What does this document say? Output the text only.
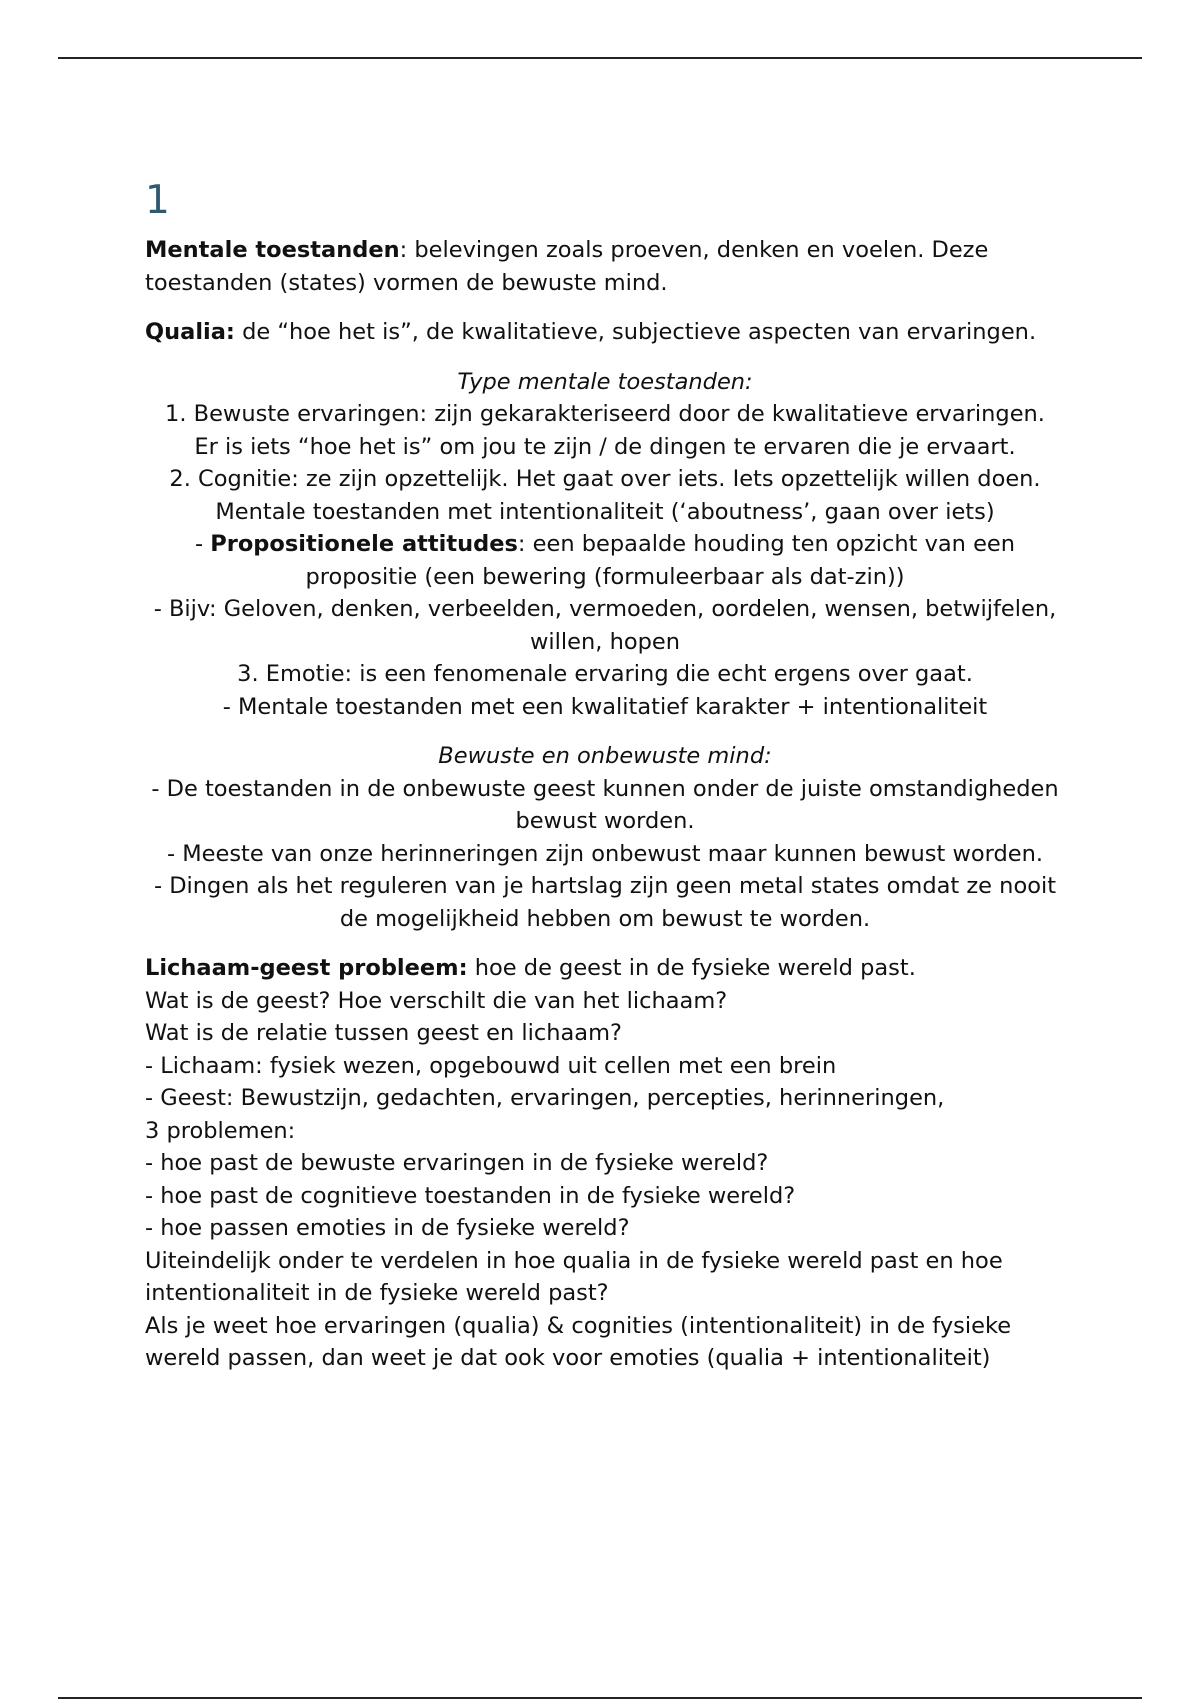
1

Mentale toestanden: belevingen zoals proeven, denken en voelen. Deze toestanden (states) vormen de bewuste mind.

Qualia: de “hoe het is”, de kwalitatieve, subjectieve aspecten van ervaringen.

Type mentale toestanden:

1. Bewuste ervaringen: zijn gekarakteriseerd door de kwalitatieve ervaringen.

Er is iets “hoe het is” om jou te zijn / de dingen te ervaren die je ervaart.

2. Cognitie: ze zijn opzettelijk. Het gaat over iets. Iets opzettelijk willen doen.

Mentale toestanden met intentionaliteit (‘aboutness’, gaan over iets)

- Propositionele attitudes: een bepaalde houding ten opzicht van een propositie (een bewering (formuleerbaar als dat-zin))

- Bijv: Geloven, denken, verbeelden, vermoeden, oordelen, wensen, betwijfelen, willen, hopen

3. Emotie: is een fenomenale ervaring die echt ergens over gaat.

- Mentale toestanden met een kwalitatief karakter + intentionaliteit

Bewuste en onbewuste mind:

- De toestanden in de onbewuste geest kunnen onder de juiste omstandigheden bewust worden.

- Meeste van onze herinneringen zijn onbewust maar kunnen bewust worden.

- Dingen als het reguleren van je hartslag zijn geen metal states omdat ze nooit de mogelijkheid hebben om bewust te worden.

Lichaam-geest probleem: hoe de geest in de fysieke wereld past.

Wat is de geest? Hoe verschilt die van het lichaam?

Wat is de relatie tussen geest en lichaam?

- Lichaam: fysiek wezen, opgebouwd uit cellen met een brein

- Geest: Bewustzijn, gedachten, ervaringen, percepties, herinneringen,

3 problemen:

- hoe past de bewuste ervaringen in de fysieke wereld?

- hoe past de cognitieve toestanden in de fysieke wereld?

- hoe passen emoties in de fysieke wereld?

Uiteindelijk onder te verdelen in hoe qualia in de fysieke wereld past en hoe intentionaliteit in de fysieke wereld past?

Als je weet hoe ervaringen (qualia) & cognities (intentionaliteit) in de fysieke wereld passen, dan weet je dat ook voor emoties (qualia + intentionaliteit)
